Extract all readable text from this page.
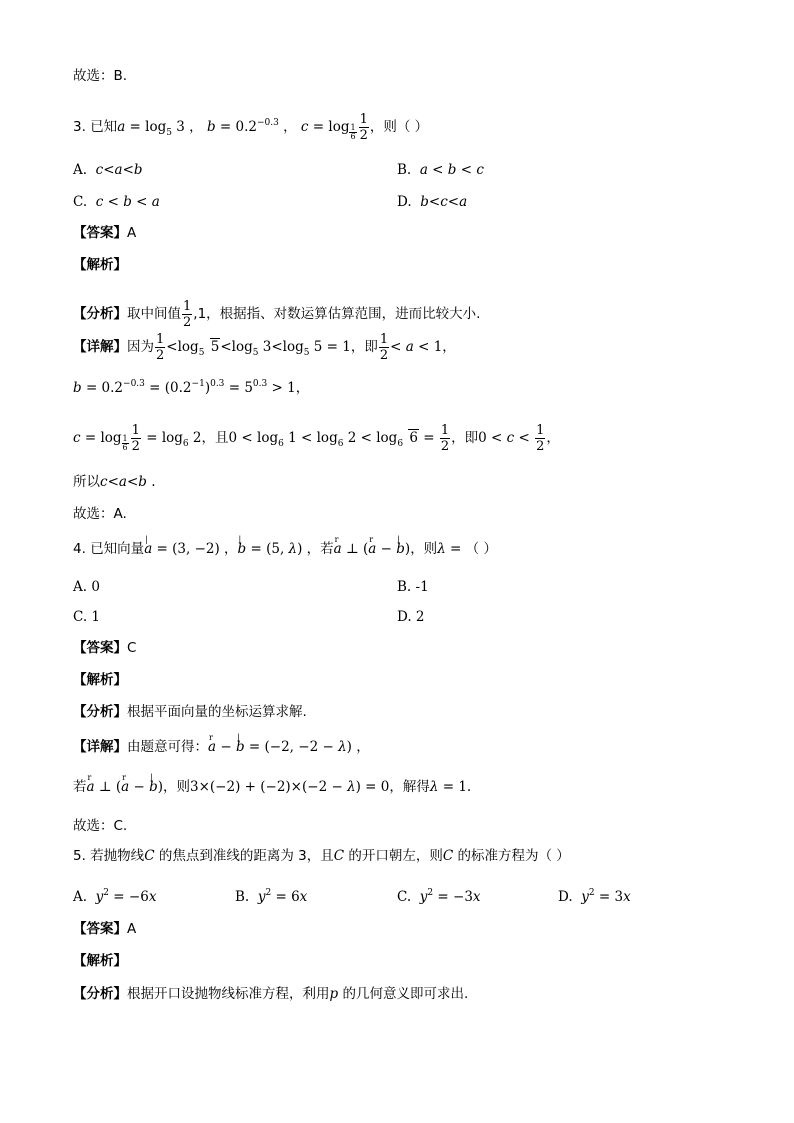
故选：B.
3. 已知$a = \log_5 3$ ， $b = 0.2^{-0.3}$ ， $c = \log \frac{1}{6} \frac{1}{2}$ ，则（ ）
A. c<a<b	B. a < b < c
C. c < b < a	D. b<c<a
【答案】A
【解析】
【分析】取中间值 $\frac{1}{2} ,1$，根据指、对数运算估算范围，进而比较大小.
【详解】因为 $\frac{1}{2} <\log_5$ $5<\log_5$ $3<\log_5$ 5 = 1，即 $\frac{1}{2} < a < 1$，
$b = 0.2^{-0.3} = (0.2^{-1})^{0.3} = 5^{0.3} > 1$，
$c = \log \frac{1}{6} \frac{1}{2} = \log_6 2$，且$0 < \log_6 1 < \log_6 2 < \log_6 6 = \frac{1}{2}$ ，即$0 < c < \frac{1}{2}$ ，
所以c<a<b .
故选：A.
4. 已知向量| a = (3, −2) ，| b = (5, λ) ，若r a ⊥ (r a − | b)，则λ = （ ）
A. 0	B. -1
C. 1	D. 2
【答案】C
【解析】
【分析】根据平面向量的坐标运算求解.
【详解】由题意可得：r a − | b = (−2, −2 − λ) ，
若r a ⊥ (r a − | b)，则3×(−2) + (−2)×(−2 − λ) = 0，解得λ = 1.
故选：C.
5. 若抛物线C 的焦点到准线的距离为 3，且C 的开口朝左，则C 的标准方程为（ ）
A. $y^2 = -6x$	B. $y^2 = 6x$	C. $y^2 = -3x$	D. $y^2 = 3x$
【答案】A
【解析】
【分析】根据开口设抛物线标准方程，利用p 的几何意义即可求出.
